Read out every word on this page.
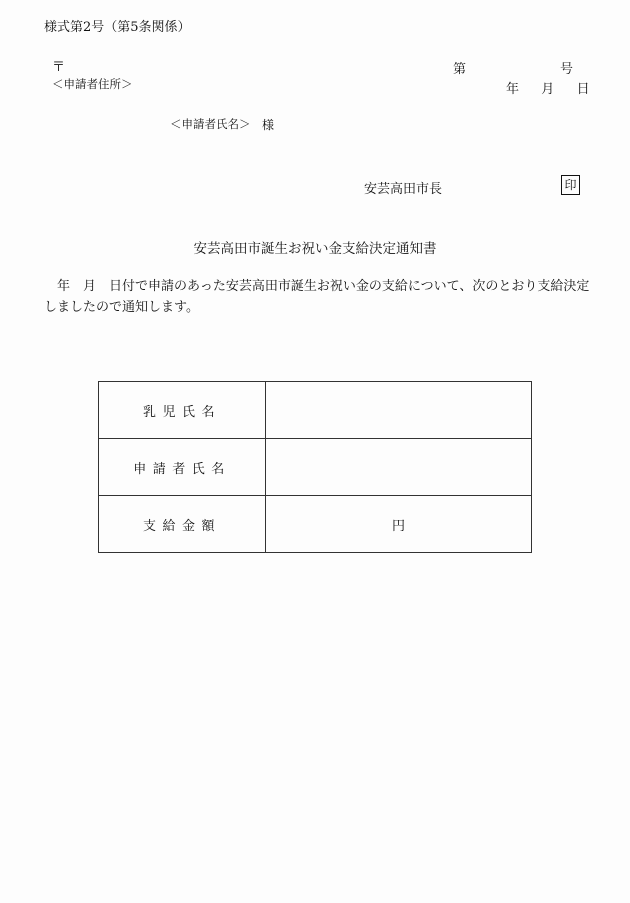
様式第2号（第5条関係）
〒
＜申請者住所＞
第	号
年 月 日
＜申請者氏名＞ 様
安芸高田市長	印
安芸高田市誕生お祝い金支給決定通知書
年　月　日付で申請のあった安芸高田市誕生お祝い金の支給について、次のとおり支給決定しましたので通知します。
乳児氏名	
申請者氏名	
支給金額	円
